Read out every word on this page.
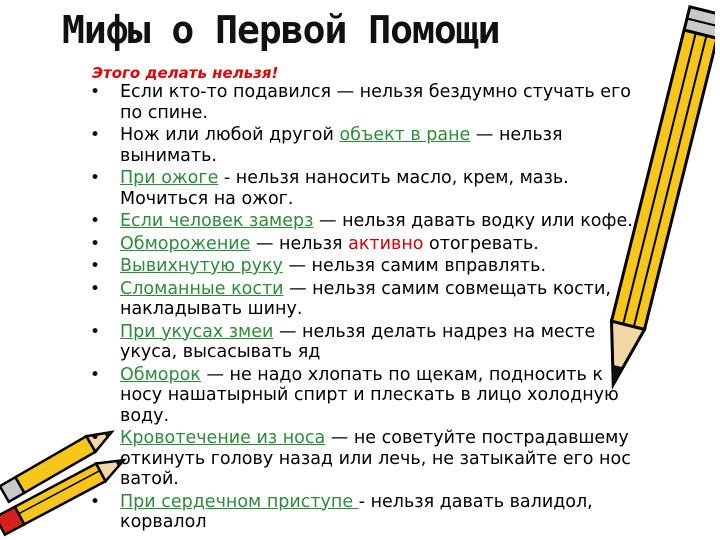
Мифы о Первой Помощи
Этого делать нельзя!
• Если кто-то подавился — нельзя бездумно стучать его по спине.
• Нож или любой другой объект в ране — нельзя вынимать.
• При ожоге - нельзя наносить масло, крем, мазь. Мочиться на ожог.
• Если человек замерз — нельзя давать водку или кофе.
• Обморожение — нельзя активно отогревать.
• Вывихнутую руку — нельзя самим вправлять.
• Сломанные кости — нельзя самим совмещать кости, накладывать шину.
• При укусах змеи — нельзя делать надрез на месте укуса, высасывать яд
• Обморок — не надо хлопать по щекам, подносить к носу нашатырный спирт и плескать в лицо холодную воду.
• Кровотечение из носа — не советуйте пострадавшему откинуть голову назад или лечь, не затыкайте его нос ватой.
• При сердечном приступе - нельзя давать валидол, корвалол
